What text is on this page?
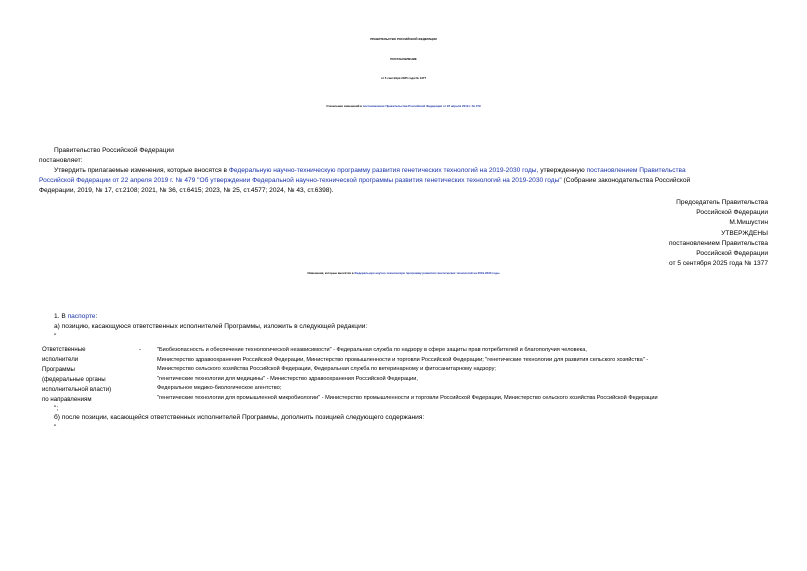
ПРАВИТЕЛЬСТВО РОССИЙСКОЙ ФЕДЕРАЦИИ
ПОСТАНОВЛЕНИЕ
от 5 сентября 2025 года № 1377
О внесении изменений в постановление Правительства Российской Федерации от 22 апреля 2019 г. № 479
Правительство Российской Федерации
постановляет:
Утвердить прилагаемые изменения, которые вносятся в Федеральную научно-техническую программу развития генетических технологий на 2019-2030 годы, утвержденную постановлением Правительства
Российской Федерации от 22 апреля 2019 г. № 479 "Об утверждении Федеральной научно-технической программы развития генетических технологий на 2019-2030 годы" (Собрание законодательства Российской
Федерации, 2019, № 17, ст.2108; 2021, № 36, ст.6415; 2023, № 25, ст.4577; 2024, № 43, ст.6398).
Председатель Правительства
Российской Федерации
М.Мишустин
УТВЕРЖДЕНЫ
постановлением Правительства
Российской Федерации
от 5 сентября 2025 года № 1377
Изменения, которые вносятся в Федеральную научно-техническую программу развития генетических технологий на 2019-2030 годы
1. В паспорте:
а) позицию, касающуюся ответственных исполнителей Программы, изложить в следующей редакции:
"
Ответственные
исполнители
Программы
(федеральные органы
исполнительной власти)
по направлениям
-	"Биобезопасность и обеспечение технологической независимости" - Федеральная служба по надзору в сфере защиты прав потребителей и благополучия человека,
Министерство здравоохранения Российской Федерации, Министерство промышленности и торговли Российской Федерации; "генетические технологии для развития сельского хозяйства" -
Министерство сельского хозяйства Российской Федерации, Федеральная служба по ветеринарному и фитосанитарному надзору;
"генетические технологии для медицины" - Министерство здравоохранения Российской Федерации,
Федеральное медико-биологическое агентство;
"генетические технологии для промышленной микробиологии" - Министерство промышленности и торговли Российской Федерации, Министерство сельского хозяйства Российской Федерации
";
б) после позиции, касающейся ответственных исполнителей Программы, дополнить позицией следующего содержания:
"
